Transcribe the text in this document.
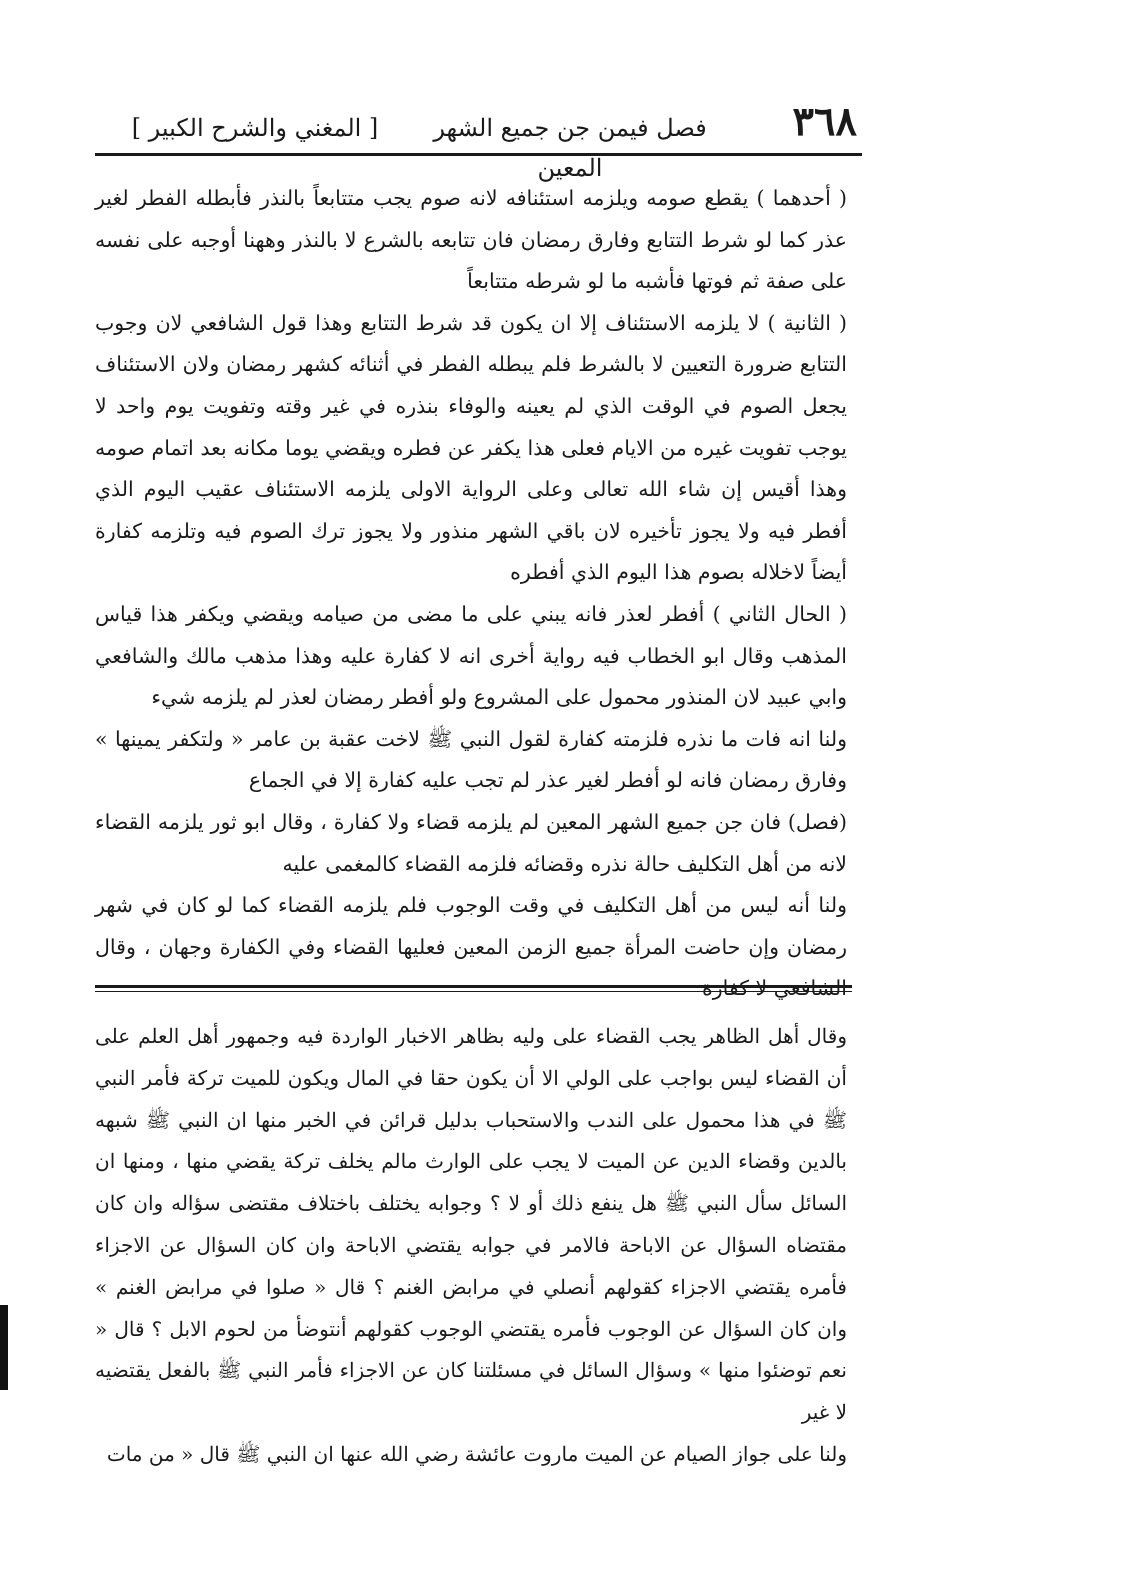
٣٦٨
فصل فيمن جن جميع الشهر المعين
[ المغني والشرح الكبير ]

( أحدهما ) يقطع صومه ويلزمه استئنافه لانه صوم يجب متتابعاً بالنذر فأبطله الفطر لغير عذر كما لو شرط التتابع وفارق رمضان فان تتابعه بالشرع لا بالنذر وههنا أوجبه على نفسه على صفة ثم فوتها فأشبه ما لو شرطه متتابعاً

( الثانية ) لا يلزمه الاستئناف إلا ان يكون قد شرط التتابع وهذا قول الشافعي لان وجوب التتابع ضرورة التعيين لا بالشرط فلم يبطله الفطر في أثنائه كشهر رمضان ولان الاستئناف يجعل الصوم في الوقت الذي لم يعينه والوفاء بنذره في غير وقته وتفويت يوم واحد لا يوجب تفويت غيره من الايام فعلى هذا يكفر عن فطره ويقضي يوما مكانه بعد اتمام صومه وهذا أقيس إن شاء الله تعالى وعلى الرواية الاولى يلزمه الاستئناف عقيب اليوم الذي أفطر فيه ولا يجوز تأخيره لان باقي الشهر منذور ولا يجوز ترك الصوم فيه وتلزمه كفارة أيضاً لاخلاله بصوم هذا اليوم الذي أفطره

( الحال الثاني ) أفطر لعذر فانه يبني على ما مضى من صيامه ويقضي ويكفر هذا قياس المذهب وقال ابو الخطاب فيه رواية أخرى انه لا كفارة عليه وهذا مذهب مالك والشافعي وابي عبيد لان المنذور محمول على المشروع ولو أفطر رمضان لعذر لم يلزمه شيء

ولنا انه فات ما نذره فلزمته كفارة لقول النبي ﷺ لاخت عقبة بن عامر « ولتكفر يمينها » وفارق رمضان فانه لو أفطر لغير عذر لم تجب عليه كفارة إلا في الجماع

(فصل) فان جن جميع الشهر المعين لم يلزمه قضاء ولا كفارة ، وقال ابو ثور يلزمه القضاء لانه من أهل التكليف حالة نذره وقضائه فلزمه القضاء كالمغمى عليه

ولنا أنه ليس من أهل التكليف في وقت الوجوب فلم يلزمه القضاء كما لو كان في شهر رمضان وإن حاضت المرأة جميع الزمن المعين فعليها القضاء وفي الكفارة وجهان ، وقال الشافعي لا كفارة

وقال أهل الظاهر يجب القضاء على وليه بظاهر الاخبار الواردة فيه وجمهور أهل العلم على أن القضاء ليس بواجب على الولي الا أن يكون حقا في المال ويكون للميت تركة فأمر النبي ﷺ في هذا محمول على الندب والاستحباب بدليل قرائن في الخبر منها ان النبي ﷺ شبهه بالدين وقضاء الدين عن الميت لا يجب على الوارث مالم يخلف تركة يقضي منها ، ومنها ان السائل سأل النبي ﷺ هل ينفع ذلك أو لا ؟ وجوابه يختلف باختلاف مقتضى سؤاله وان كان مقتضاه السؤال عن الاباحة فالامر في جوابه يقتضي الاباحة وان كان السؤال عن الاجزاء فأمره يقتضي الاجزاء كقولهم أنصلي في مرابض الغنم ؟ قال « صلوا في مرابض الغنم » وان كان السؤال عن الوجوب فأمره يقتضي الوجوب كقولهم أنتوضأ من لحوم الابل ؟ قال « نعم توضئوا منها » وسؤال السائل في مسئلتنا كان عن الاجزاء فأمر النبي ﷺ بالفعل يقتضيه لا غير

ولنا على جواز الصيام عن الميت ماروت عائشة رضي الله عنها ان النبي ﷺ قال « من مات
